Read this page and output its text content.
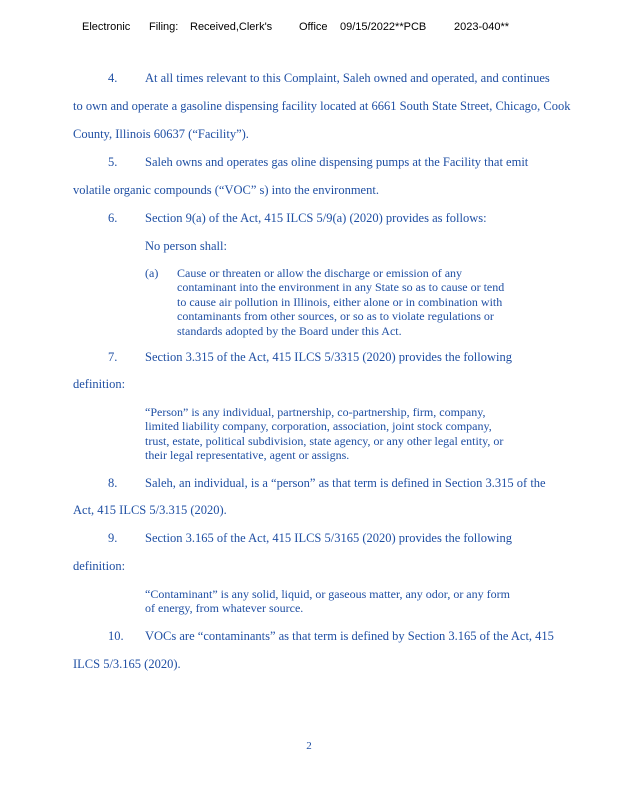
Electronic Filing: Received,Clerk's Office 09/15/2022**PCB	2023-040**
4. At all times relevant to this Complaint, Saleh owned and operated, and continues
to own and operate a gasoline dispensing facility located at 6661 South State Street, Chicago, Cook
County, Illinois 60637 (“Facility”).
5. Saleh owns and operates gas oline dispensing pumps at the Facility that emit
volatile organic compounds (“VOC” s) into the environment.
6. Section 9(a) of the Act, 415 ILCS 5/9(a) (2020) provides as follows:
No person shall:
(a) Cause or threaten or allow the discharge or emission of any

contaminant into the environment in any State so as to cause or tend

to cause air pollution in Illinois, either alone or in combination with

contaminants from other sources, or so as to violate regulations or

standards adopted by the Board under this Act.

7. Section 3.315 of the Act, 415 ILCS 5/3315 (2020) provides the following
definition:

“Person” is any individual, partnership, co-partnership, firm, company,

limited liability company, corporation, association, joint stock company,

trust, estate, political subdivision, state agency, or any other legal entity, or

their legal representative, agent or assigns.

8. Saleh, an individual, is a “person” as that term is defined in Section 3.315 of the
Act, 415 ILCS 5/3.315 (2020).
9. Section 3.165 of the Act, 415 ILCS 5/3165 (2020) provides the following
definition:

“Contaminant” is any solid, liquid, or gaseous matter, any odor, or any form

of energy, from whatever source.

10. VOCs are “contaminants” as that term is defined by Section 3.165 of the Act, 415
ILCS 5/3.165 (2020).
2
